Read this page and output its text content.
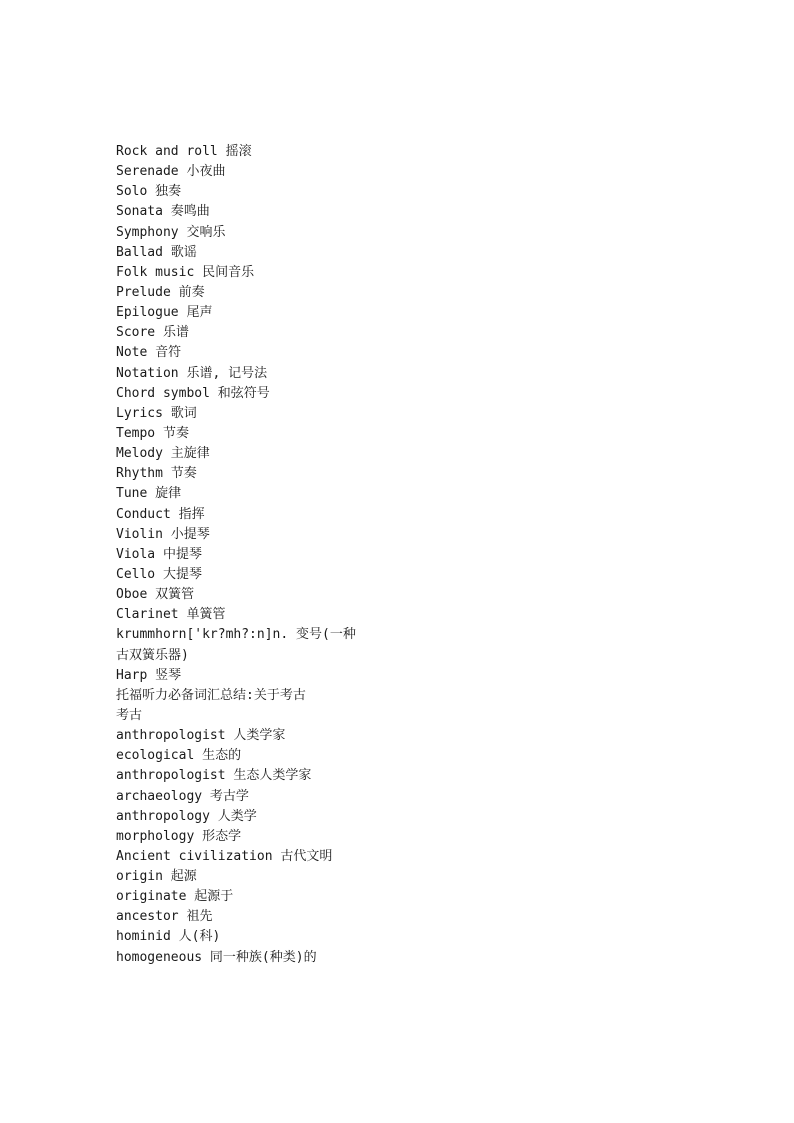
Rock and roll 摇滚
Serenade 小夜曲
Solo 独奏
Sonata 奏鸣曲
Symphony 交响乐
Ballad 歌谣
Folk music 民间音乐
Prelude 前奏
Epilogue 尾声
Score 乐谱
Note 音符
Notation 乐谱, 记号法
Chord symbol 和弦符号
Lyrics 歌词
Tempo 节奏
Melody 主旋律
Rhythm 节奏
Tune 旋律
Conduct 指挥
Violin 小提琴
Viola 中提琴
Cello 大提琴
Oboe 双簧管
Clarinet 单簧管
krummhorn['kr?mh?:n]n. 变号(一种
古双簧乐器)
Harp 竖琴
托福听力必备词汇总结:关于考古
考古
anthropologist 人类学家
ecological 生态的
anthropologist 生态人类学家
archaeology 考古学
anthropology 人类学
morphology 形态学
Ancient civilization 古代文明
origin 起源
originate 起源于
ancestor 祖先
hominid 人(科)
homogeneous 同一种族(种类)的
